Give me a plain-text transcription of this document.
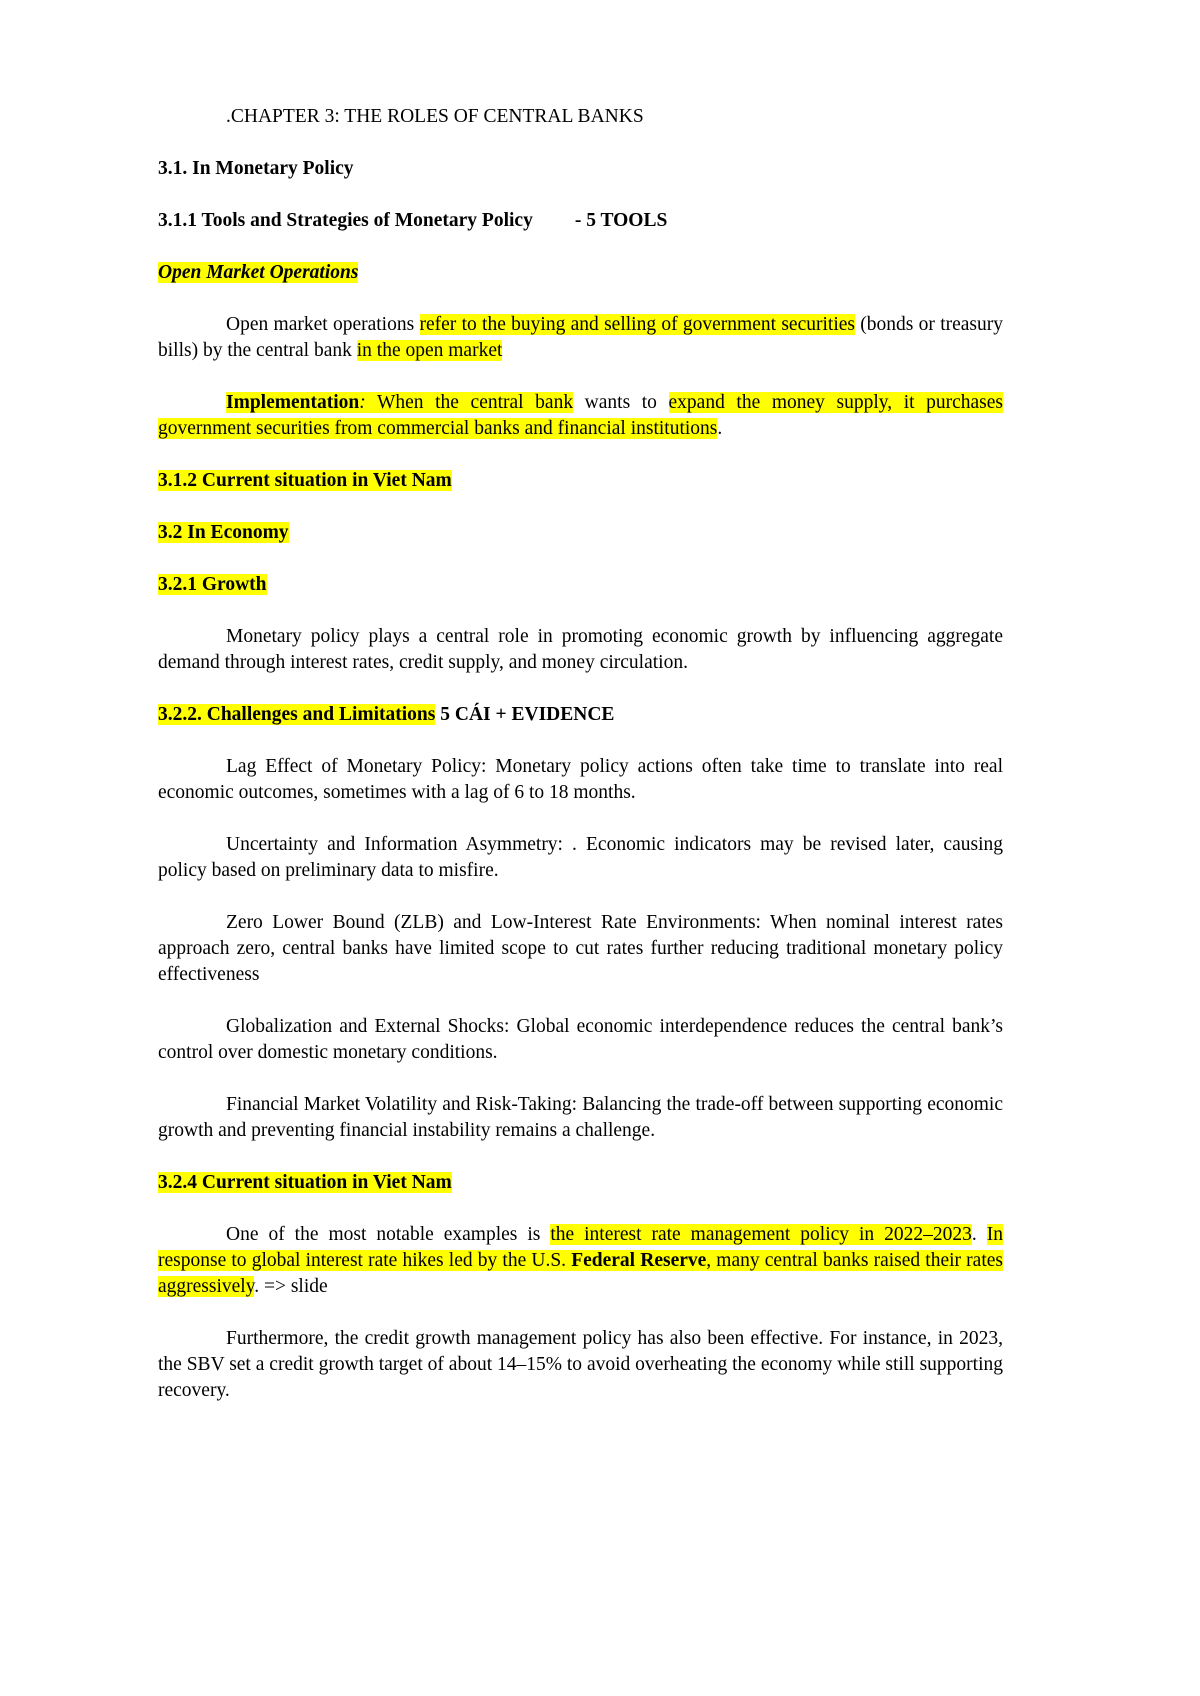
.CHAPTER 3: THE ROLES OF CENTRAL BANKS

3.1. In Monetary Policy

3.1.1 Tools and Strategies of Monetary Policy - 5 TOOLS

Open Market Operations

Open market operations refer to the buying and selling of government securities (bonds or treasury bills) by the central bank in the open market

Implementation: When the central bank wants to expand the money supply, it purchases government securities from commercial banks and financial institutions.

3.1.2 Current situation in Viet Nam

3.2 In Economy

3.2.1 Growth

Monetary policy plays a central role in promoting economic growth by influencing aggregate demand through interest rates, credit supply, and money circulation.

3.2.2. Challenges and Limitations 5 CÁI + EVIDENCE

Lag Effect of Monetary Policy: Monetary policy actions often take time to translate into real economic outcomes, sometimes with a lag of 6 to 18 months.

Uncertainty and Information Asymmetry: . Economic indicators may be revised later, causing policy based on preliminary data to misfire.

Zero Lower Bound (ZLB) and Low-Interest Rate Environments: When nominal interest rates approach zero, central banks have limited scope to cut rates further reducing traditional monetary policy effectiveness

Globalization and External Shocks: Global economic interdependence reduces the central bank’s control over domestic monetary conditions.

Financial Market Volatility and Risk-Taking: Balancing the trade-off between supporting economic growth and preventing financial instability remains a challenge.

3.2.4 Current situation in Viet Nam

One of the most notable examples is the interest rate management policy in 2022–2023. In response to global interest rate hikes led by the U.S. Federal Reserve, many central banks raised their rates aggressively. => slide

Furthermore, the credit growth management policy has also been effective. For instance, in 2023, the SBV set a credit growth target of about 14–15% to avoid overheating the economy while still supporting recovery.
